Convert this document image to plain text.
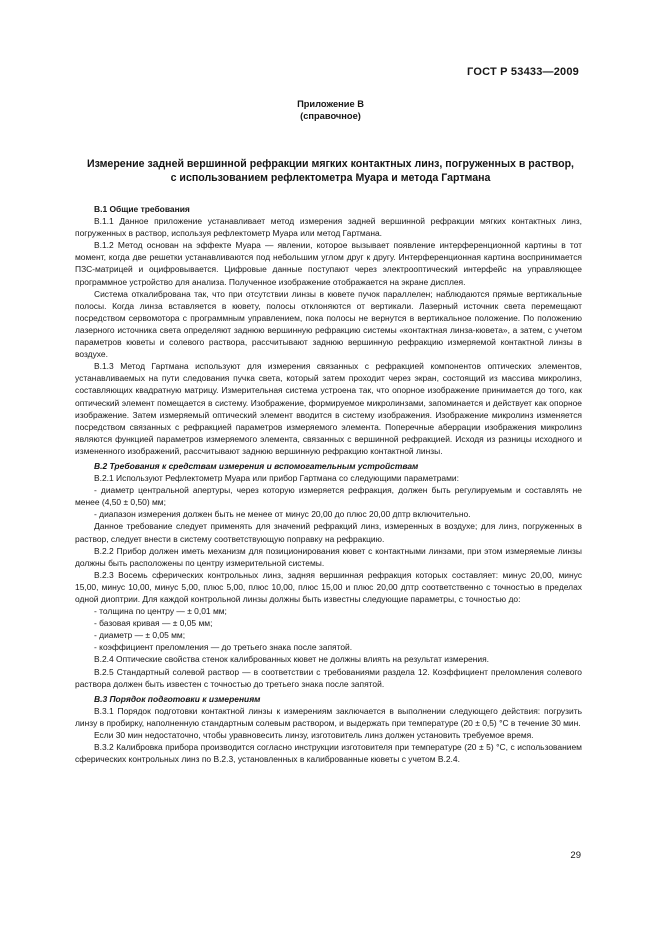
ГОСТ Р 53433—2009
Приложение В
(справочное)
Измерение задней вершинной рефракции мягких контактных линз, погруженных в раствор,
с использованием рефлектометра Муара и метода Гартмана

В.1 Общие требования

В.1.1 Данное приложение устанавливает метод измерения задней вершинной рефракции мягких контактных линз, погруженных в раствор, используя рефлектометр Муара или метод Гартмана.

В.1.2 Метод основан на эффекте Муара — явлении, которое вызывает появление интерференционной картины в тот момент, когда две решетки устанавливаются под небольшим углом друг к другу. Интерференционная картина воспринимается ПЗС-матрицей и оцифровывается. Цифровые данные поступают через электрооптический интерфейс на управляющее программное устройство для анализа. Полученное изображение отображается на экране дисплея.

Система откалибрована так, что при отсутствии линзы в кювете пучок параллелен; наблюдаются прямые вертикальные полосы. Когда линза вставляется в кювету, полосы отклоняются от вертикали. Лазерный источник света перемещают посредством сервомотора с программным управлением, пока полосы не вернутся в вертикальное положение. По положению лазерного источника света определяют заднюю вершинную рефракцию системы «контактная линза-кювета», а затем, с учетом параметров кюветы и солевого раствора, рассчитывают заднюю вершинную рефракцию измеряемой контактной линзы в воздухе.

В.1.3 Метод Гартмана используют для измерения связанных с рефракцией компонентов оптических элементов, устанавливаемых на пути следования пучка света, который затем проходит через экран, состоящий из массива микролинз, составляющих квадратную матрицу. Измерительная система устроена так, что опорное изображение принимается до того, как оптический элемент помещается в систему. Изображение, формируемое микролинзами, запоминается и действует как опорное изображение. Затем измеряемый оптический элемент вводится в систему изображения. Изображение микролинз изменяется посредством связанных с рефракцией параметров измеряемого элемента. Поперечные аберрации изображения микролинз являются функцией параметров измеряемого элемента, связанных с вершинной рефракцией. Исходя из разницы исходного и измененного изображений, рассчитывают заднюю вершинную рефракцию контактной линзы.

В.2 Требования к средствам измерения и вспомогательным устройствам

В.2.1 Используют Рефлектометр Муара или прибор Гартмана со следующими параметрами:

- диаметр центральной апертуры, через которую измеряется рефракция, должен быть регулируемым и составлять не менее (4,50 ± 0,50) мм;

- диапазон измерения должен быть не менее от минус 20,00 до плюс 20,00 дптр включительно.

Данное требование следует применять для значений рефракций линз, измеренных в воздухе; для линз, погруженных в раствор, следует внести в систему соответствующую поправку на рефракцию.

В.2.2 Прибор должен иметь механизм для позиционирования кювет с контактными линзами, при этом измеряемые линзы должны быть расположены по центру измерительной системы.

В.2.3 Восемь сферических контрольных линз, задняя вершинная рефракция которых составляет: минус 20,00, минус 15,00, минус 10,00, минус 5,00, плюс 5,00, плюс 10,00, плюс 15,00 и плюс 20,00 дптр соответственно с точностью в пределах одной диоптрии. Для каждой контрольной линзы должны быть известны следующие параметры, с точностью до:

- толщина по центру — ± 0,01 мм;

- базовая кривая — ± 0,05 мм;

- диаметр — ± 0,05 мм;

- коэффициент преломления — до третьего знака после запятой.

В.2.4 Оптические свойства стенок калиброванных кювет не должны влиять на результат измерения.

В.2.5 Стандартный солевой раствор — в соответствии с требованиями раздела 12. Коэффициент преломления солевого раствора должен быть известен с точностью до третьего знака после запятой.

В.3 Порядок подготовки к измерениям

В.3.1 Порядок подготовки контактной линзы к измерениям заключается в выполнении следующего действия: погрузить линзу в пробирку, наполненную стандартным солевым раствором, и выдержать при температуре (20 ± 0,5) °С в течение 30 мин.

Если 30 мин недостаточно, чтобы уравновесить линзу, изготовитель линз должен установить требуемое время.

В.3.2 Калибровка прибора производится согласно инструкции изготовителя при температуре (20 ± 5) °С, с использованием сферических контрольных линз по В.2.3, установленных в калиброванные кюветы с учетом В.2.4.

29
